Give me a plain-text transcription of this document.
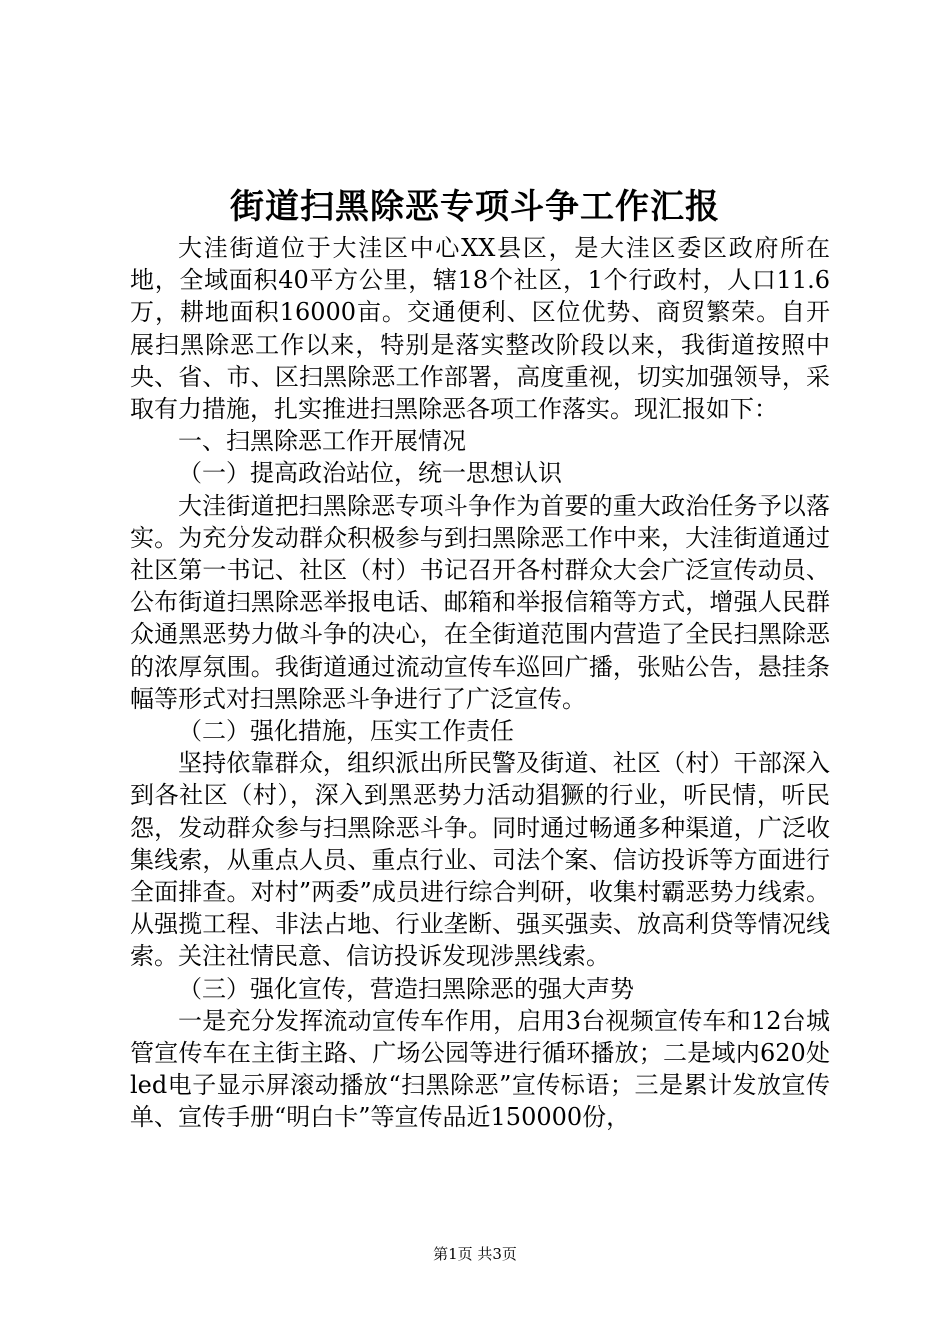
街道扫黑除恶专项斗争工作汇报

大洼街道位于大洼区中心XX县区，是大洼区委区政府所在地，全域面积40平方公里，辖18个社区，1个行政村，人口11.6万，耕地面积16000亩。交通便利、区位优势、商贸繁荣。自开展扫黑除恶工作以来，特别是落实整改阶段以来，我街道按照中央、省、市、区扫黑除恶工作部署，高度重视，切实加强领导，采取有力措施，扎实推进扫黑除恶各项工作落实。现汇报如下：

一、扫黑除恶工作开展情况

（一）提高政治站位，统一思想认识

大洼街道把扫黑除恶专项斗争作为首要的重大政治任务予以落实。为充分发动群众积极参与到扫黑除恶工作中来，大洼街道通过社区第一书记、社区（村）书记召开各村群众大会广泛宣传动员、公布街道扫黑除恶举报电话、邮箱和举报信箱等方式，增强人民群众通黑恶势力做斗争的决心，在全街道范围内营造了全民扫黑除恶的浓厚氛围。我街道通过流动宣传车巡回广播，张贴公告，悬挂条幅等形式对扫黑除恶斗争进行了广泛宣传。

（二）强化措施，压实工作责任

坚持依靠群众，组织派出所民警及街道、社区（村）干部深入到各社区（村），深入到黑恶势力活动猖獗的行业，听民情，听民怨，发动群众参与扫黑除恶斗争。同时通过畅通多种渠道，广泛收集线索，从重点人员、重点行业、司法个案、信访投诉等方面进行全面排查。对村”两委”成员进行综合判研，收集村霸恶势力线索。从强揽工程、非法占地、行业垄断、强买强卖、放高利贷等情况线索。关注社情民意、信访投诉发现涉黑线索。

（三）强化宣传，营造扫黑除恶的强大声势

一是充分发挥流动宣传车作用，启用3台视频宣传车和12台城管宣传车在主街主路、广场公园等进行循环播放；二是域内620处led电子显示屏滚动播放“扫黑除恶”宣传标语；三是累计发放宣传单、宣传手册“明白卡”等宣传品近150000份，

第1页 共3页
